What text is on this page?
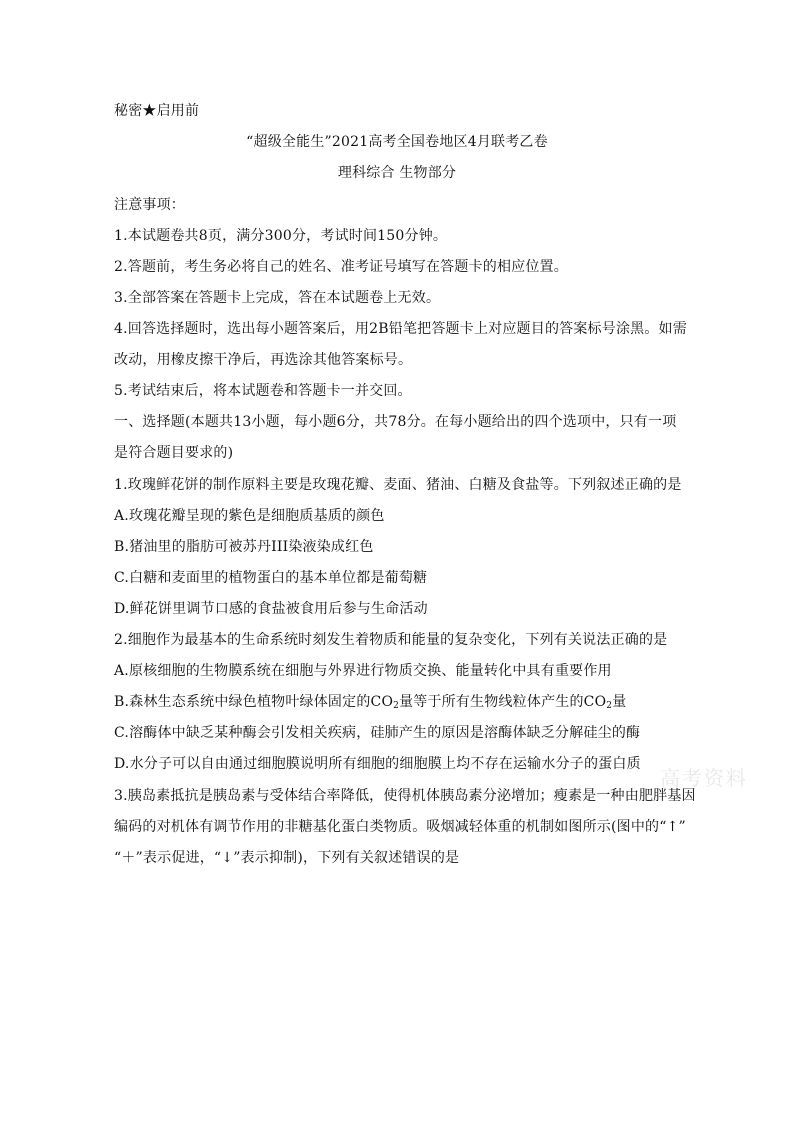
秘密★启用前
“超级全能生”2021高考全国卷地区4月联考乙卷
理科综合 生物部分
注意事项：
1.本试题卷共8页，满分300分，考试时间150分钟。
2.答题前，考生务必将自己的姓名、准考证号填写在答题卡的相应位置。
3.全部答案在答题卡上完成，答在本试题卷上无效。
4.回答选择题时，选出每小题答案后，用2B铅笔把答题卡上对应题目的答案标号涂黑。如需
改动，用橡皮擦干净后，再选涂其他答案标号。
5.考试结束后，将本试题卷和答题卡一并交回。
一、选择题(本题共13小题，每小题6分，共78分。在每小题给出的四个选项中，只有一项
是符合题目要求的)
1.玫瑰鲜花饼的制作原料主要是玫瑰花瓣、麦面、猪油、白糖及食盐等。下列叙述正确的是
A.玫瑰花瓣呈现的紫色是细胞质基质的颜色
B.猪油里的脂肪可被苏丹III染液染成红色
C.白糖和麦面里的植物蛋白的基本单位都是葡萄糖
D.鲜花饼里调节口感的食盐被食用后参与生命活动
2.细胞作为最基本的生命系统时刻发生着物质和能量的复杂变化，下列有关说法正确的是
A.原核细胞的生物膜系统在细胞与外界进行物质交换、能量转化中具有重要作用
B.森林生态系统中绿色植物叶绿体固定的$CO_2$量等于所有生物线粒体产生的$CO_2$量
C.溶酶体中缺乏某种酶会引发相关疾病，硅肺产生的原因是溶酶体缺乏分解硅尘的酶
D.水分子可以自由通过细胞膜说明所有细胞的细胞膜上均不存在运输水分子的蛋白质
3.胰岛素抵抗是胰岛素与受体结合率降低，使得机体胰岛素分泌增加；瘦素是一种由肥胖基因
编码的对机体有调节作用的非糖基化蛋白类物质。吸烟减轻体重的机制如图所示(图中的“↑”
“＋”表示促进，“↓”表示抑制)，下列有关叙述错误的是
高考资料
